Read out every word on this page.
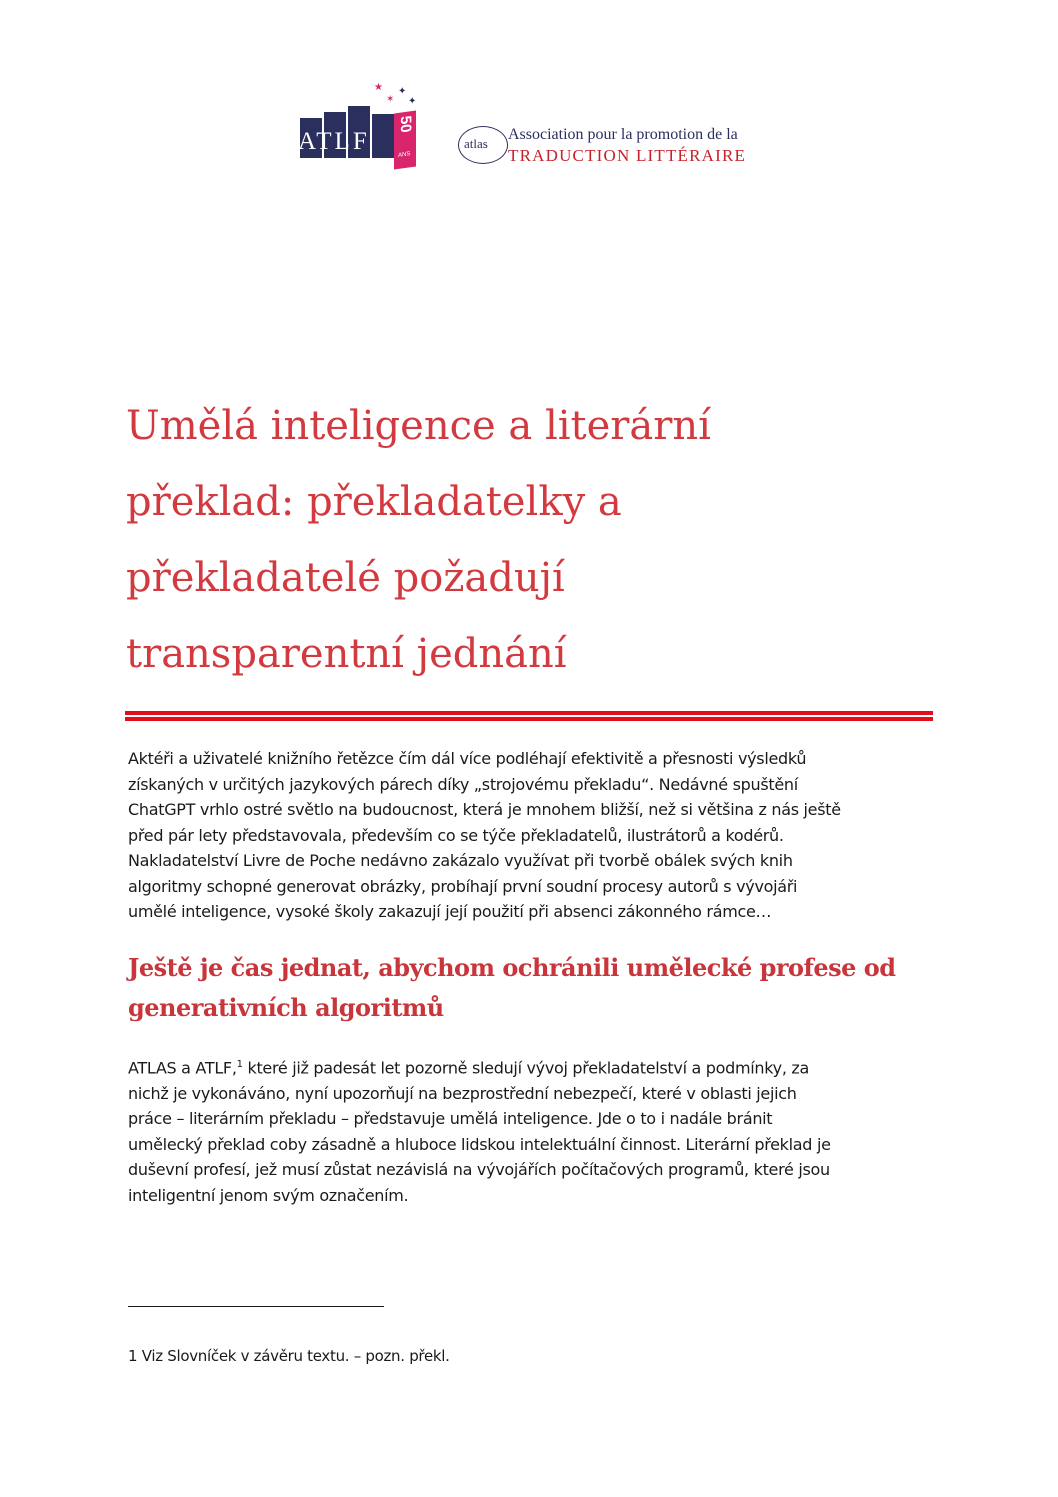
★ ✦
✶ ✦
ATLF
50
ANS
atlas
Association pour la promotion de la
TRADUCTION LITTÉRAIRE
Umělá inteligence a literární
překlad: překladatelky a
překladatelé požadují
transparentní jednání

Aktéři a uživatelé knižního řetězce čím dál více podléhají efektivitě a přesnosti výsledků
získaných v určitých jazykových párech díky „strojovému překladu“. Nedávné spuštění
ChatGPT vrhlo ostré světlo na budoucnost, která je mnohem bližší, než si většina z nás ještě
před pár lety představovala, především co se týče překladatelů, ilustrátorů a kodérů.
Nakladatelství Livre de Poche nedávno zakázalo využívat při tvorbě obálek svých knih
algoritmy schopné generovat obrázky, probíhají první soudní procesy autorů s vývojáři
umělé inteligence, vysoké školy zakazují její použití při absenci zákonného rámce…

Ještě je čas jednat, abychom ochránili umělecké profese od
generativních algoritmů

ATLAS a ATLF,$^1$ které již padesát let pozorně sledují vývoj překladatelství a podmínky, za
nichž je vykonáváno, nyní upozorňují na bezprostřední nebezpečí, které v oblasti jejich
práce – literárním překladu – představuje umělá inteligence. Jde o to i nadále bránit
umělecký překlad coby zásadně a hluboce lidskou intelektuální činnost. Literární překlad je
duševní profesí, jež musí zůstat nezávislá na vývojářích počítačových programů, které jsou
inteligentní jenom svým označením.

1 Viz Slovníček v závěru textu. – pozn. překl.
